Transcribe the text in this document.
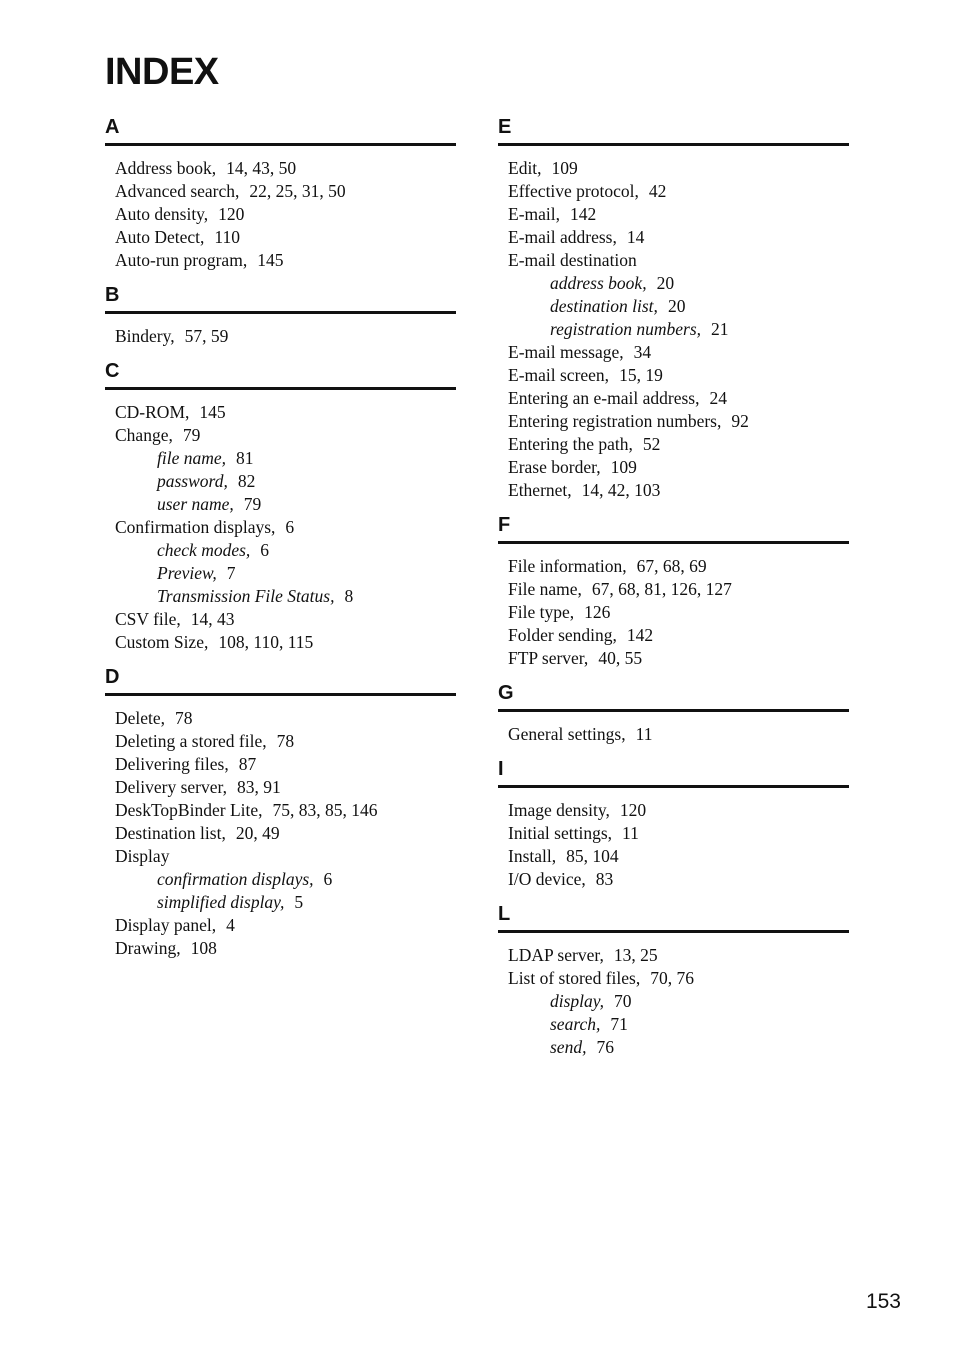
INDEX
A
Address book, 14, 43, 50
Advanced search, 22, 25, 31, 50
Auto density, 120
Auto Detect, 110
Auto-run program, 145
B
Bindery, 57, 59
C
CD-ROM, 145
Change, 79
file name, 81
password, 82
user name, 79
Confirmation displays, 6
check modes, 6
Preview, 7
Transmission File Status, 8
CSV file, 14, 43
Custom Size, 108, 110, 115
D
Delete, 78
Deleting a stored file, 78
Delivering files, 87
Delivery server, 83, 91
DeskTopBinder Lite, 75, 83, 85, 146
Destination list, 20, 49
Display
confirmation displays, 6
simplified display, 5
Display panel, 4
Drawing, 108
E
Edit, 109
Effective protocol, 42
E-mail, 142
E-mail address, 14
E-mail destination
address book, 20
destination list, 20
registration numbers, 21
E-mail message, 34
E-mail screen, 15, 19
Entering an e-mail address, 24
Entering registration numbers, 92
Entering the path, 52
Erase border, 109
Ethernet, 14, 42, 103
F
File information, 67, 68, 69
File name, 67, 68, 81, 126, 127
File type, 126
Folder sending, 142
FTP server, 40, 55
G
General settings, 11
I
Image density, 120
Initial settings, 11
Install, 85, 104
I/O device, 83
L
LDAP server, 13, 25
List of stored files, 70, 76
display, 70
search, 71
send, 76
153
